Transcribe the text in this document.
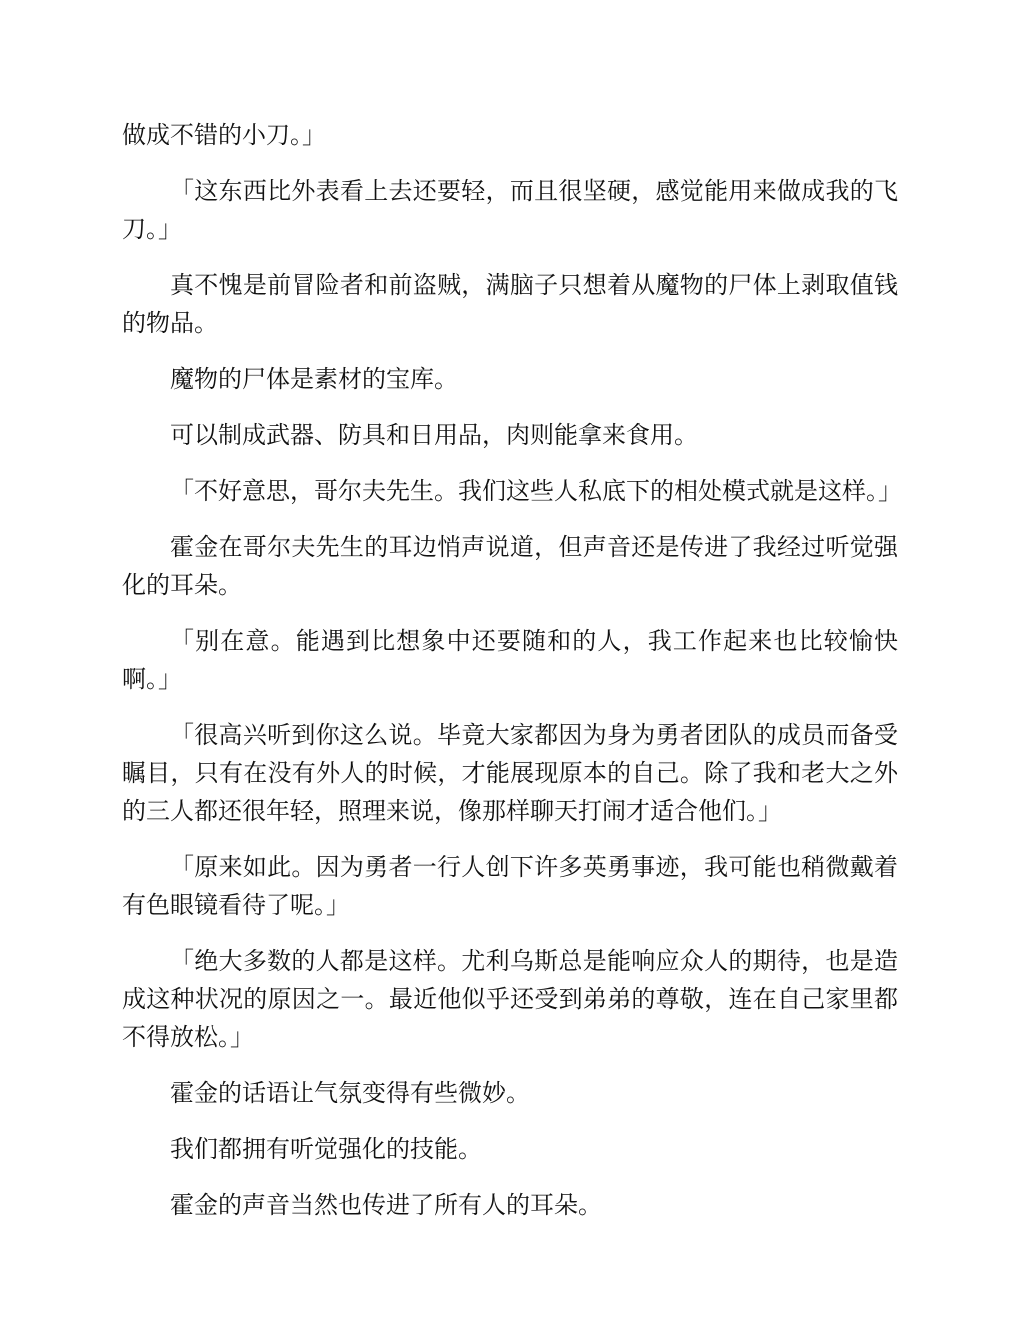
做成不错的小刀。」

「这东西比外表看上去还要轻，而且很坚硬，感觉能用来做成我的飞刀。」

真不愧是前冒险者和前盗贼，满脑子只想着从魔物的尸体上剥取值钱的物品。

魔物的尸体是素材的宝库。

可以制成武器、防具和日用品，肉则能拿来食用。

「不好意思，哥尔夫先生。我们这些人私底下的相处模式就是这样。」

霍金在哥尔夫先生的耳边悄声说道，但声音还是传进了我经过听觉强化的耳朵。

「别在意。能遇到比想象中还要随和的人，我工作起来也比较愉快啊。」

「很高兴听到你这么说。毕竟大家都因为身为勇者团队的成员而备受瞩目，只有在没有外人的时候，才能展现原本的自己。除了我和老大之外的三人都还很年轻，照理来说，像那样聊天打闹才适合他们。」

「原来如此。因为勇者一行人创下许多英勇事迹，我可能也稍微戴着有色眼镜看待了呢。」

「绝大多数的人都是这样。尤利乌斯总是能响应众人的期待，也是造成这种状况的原因之一。最近他似乎还受到弟弟的尊敬，连在自己家里都不得放松。」

霍金的话语让气氛变得有些微妙。

我们都拥有听觉强化的技能。

霍金的声音当然也传进了所有人的耳朵。
